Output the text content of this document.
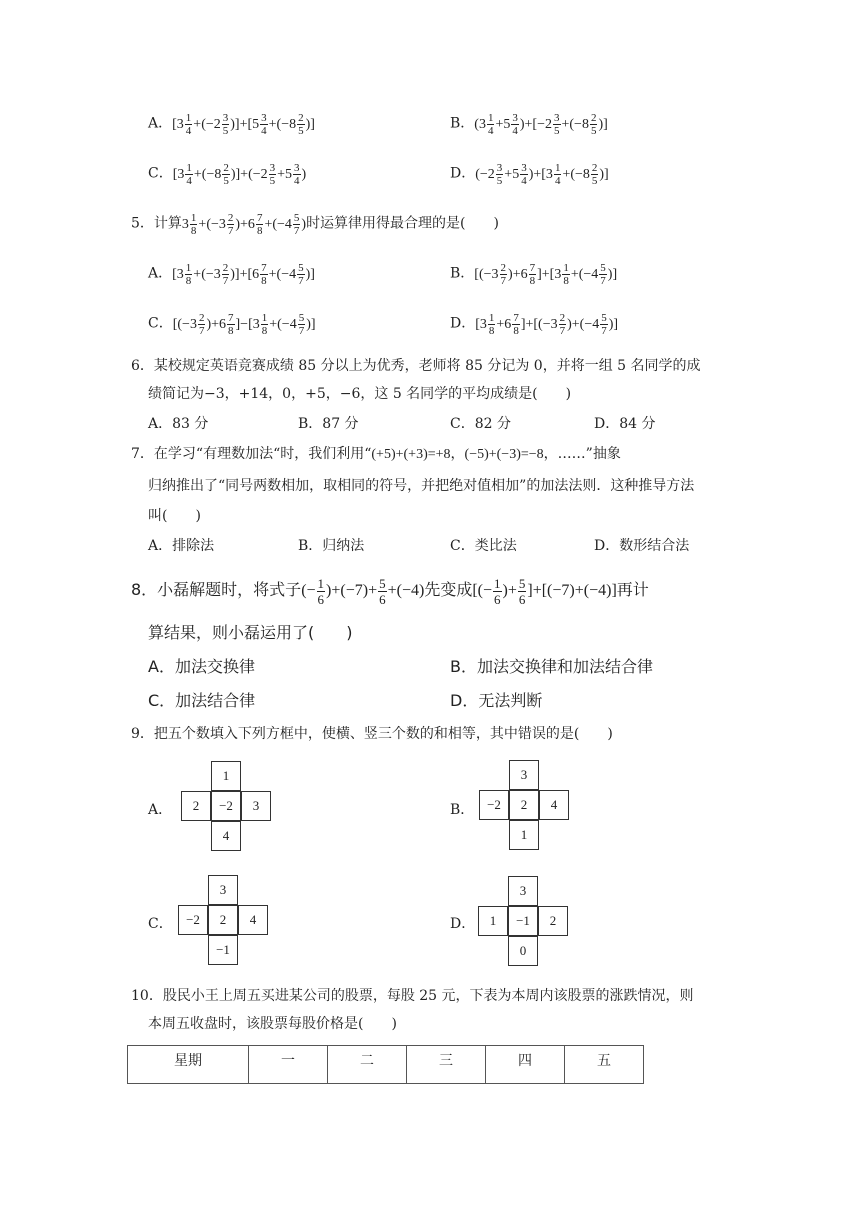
A．$[3 \frac{1}{4} +(-2 \frac{3}{5} )]+[5 \frac{3}{4} +(-8 \frac{2}{5}$ )]	B．$(3 \frac{1}{4} +5 \frac{3}{4} )+[-2 \frac{3}{5} +(-8 \frac{2}{5}$ )]
C．$[3 \frac{1}{4} +(-8 \frac{2}{5} )]+(-2 \frac{3}{5} +5 \frac{3}{4}$ )	D．$(-2 \frac{3}{5} +5 \frac{3}{4} )+[3 \frac{1}{4} +(-8 \frac{2}{5}$ )]
5．计算$3 \frac{1}{8} +(-3 \frac{2}{7} )+6 \frac{7}{8} +(-4 \frac{5}{7}$ )时运算律用得最合理的是(　　)
A．$[3 \frac{1}{8} +(-3 \frac{2}{7} )]+[6 \frac{7}{8} +(-4 \frac{5}{7}$ )]	B．$[(-3 \frac{2}{7} )+6 \frac{7}{8} ]+[3 \frac{1}{8} +(-4 \frac{5}{7}$ )]
C．$[(-3 \frac{2}{7} )+6 \frac{7}{8} ]-[3 \frac{1}{8} +(-4 \frac{5}{7}$ )]	D．$[3 \frac{1}{8} +6 \frac{7}{8} ]+[(-3 \frac{2}{7} )+(-4 \frac{5}{7}$ )]
6．某校规定英语竞赛成绩 85 分以上为优秀，老师将 85 分记为 0，并将一组 5 名同学的成
绩简记为−3，+14，0，+5，−6，这 5 名同学的平均成绩是(　　)
A．83 分	B．87 分	C．82 分	D．84 分
7．在学习“有理数加法“时，我们利用“(+5)+(+3)=+8，(−5)+(−3)=−8，……”抽象
归纳推出了“同号两数相加，取相同的符号，并把绝对值相加”的加法法则．这种推导方法
叫(　　)
A．排除法	B．归纳法	C．类比法	D．数形结合法
8．小磊解题时，将式子(− $\frac{1}{6} )+(-7)+ \frac{5}{6} +(-4)$先变成[(− $\frac{1}{6}$ )+ $\frac{5}{6} ]+[(-7)+(-4)]$再计
算结果，则小磊运用了(　　)
A．加法交换律	B．加法交换律和加法结合律
C．加法结合律	D．无法判断
9．把五个数填入下列方框中，使横、竖三个数的和相等，其中错误的是(　　)
A．
1
2	−2	3
4
B．
3
−2	2	4
1
C．
3
−2	2	4
−1
D．
3
1	−1	2
0
10．股民小王上周五买进某公司的股票，每股 25 元，下表为本周内该股票的涨跌情况，则
本周五收盘时，该股票每股价格是(　　)
星期	一	二	三	四	五
